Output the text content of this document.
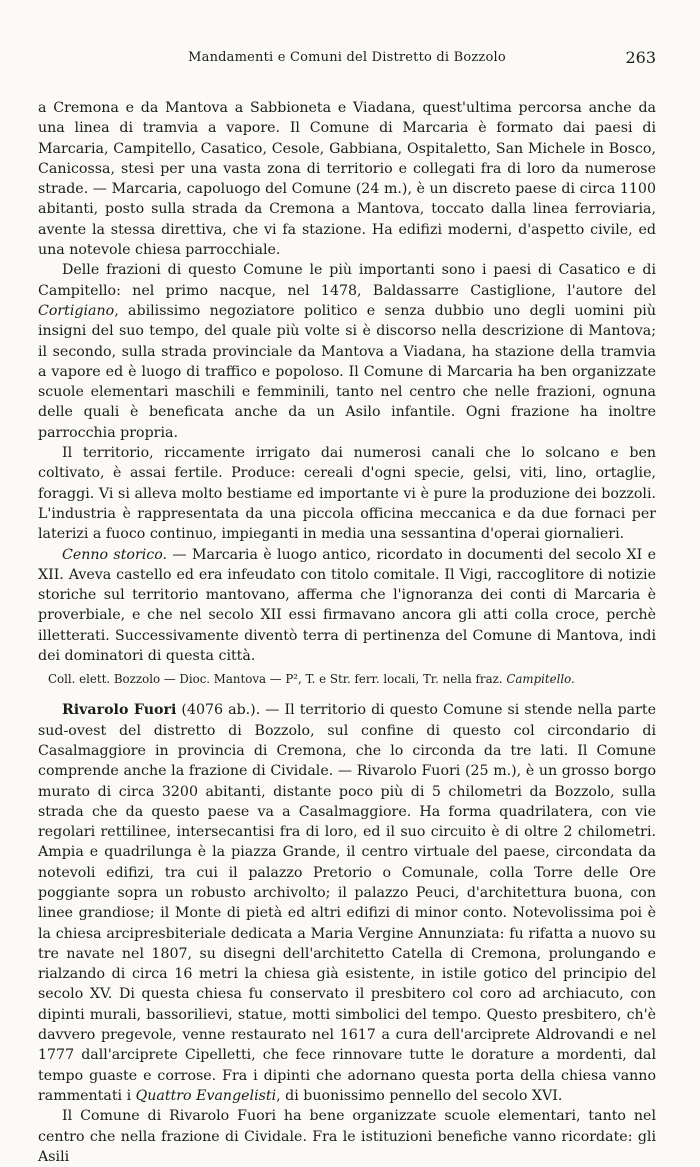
Mandamenti e Comuni del Distretto di Bozzolo	263

a Cremona e da Mantova a Sabbioneta e Viadana, quest'ultima percorsa anche da una linea di tramvia a vapore. Il Comune di Marcaria è formato dai paesi di Marcaria, Campitello, Casatico, Cesole, Gabbiana, Ospitaletto, San Michele in Bosco, Canicossa, stesi per una vasta zona di territorio e collegati fra di loro da numerose strade. — Marcaria, capoluogo del Comune (24 m.), è un discreto paese di circa 1100 abitanti, posto sulla strada da Cremona a Mantova, toccato dalla linea ferroviaria, avente la stessa direttiva, che vi fa stazione. Ha edifizi moderni, d'aspetto civile, ed una notevole chiesa parrocchiale.

Delle frazioni di questo Comune le più importanti sono i paesi di Casatico e di Campitello: nel primo nacque, nel 1478, Baldassarre Castiglione, l'autore del Cortigiano, abilissimo negoziatore politico e senza dubbio uno degli uomini più insigni del suo tempo, del quale più volte si è discorso nella descrizione di Mantova; il secondo, sulla strada provinciale da Mantova a Viadana, ha stazione della tramvia a vapore ed è luogo di traffico e popoloso. Il Comune di Marcaria ha ben organizzate scuole elementari maschili e femminili, tanto nel centro che nelle frazioni, ognuna delle quali è beneficata anche da un Asilo infantile. Ogni frazione ha inoltre parrocchia propria.

Il territorio, riccamente irrigato dai numerosi canali che lo solcano e ben coltivato, è assai fertile. Produce: cereali d'ogni specie, gelsi, viti, lino, ortaglie, foraggi. Vi si alleva molto bestiame ed importante vi è pure la produzione dei bozzoli. L'industria è rappresentata da una piccola officina meccanica e da due fornaci per laterizi a fuoco continuo, impieganti in media una sessantina d'operai giornalieri.

Cenno storico. — Marcaria è luogo antico, ricordato in documenti del secolo XI e XII. Aveva castello ed era infeudato con titolo comitale. Il Vigi, raccoglitore di notizie storiche sul territorio mantovano, afferma che l'ignoranza dei conti di Marcaria è proverbiale, e che nel secolo XII essi firmavano ancora gli atti colla croce, perchè illetterati. Successivamente diventò terra di pertinenza del Comune di Mantova, indi dei dominatori di questa città.

Coll. elett. Bozzolo — Dioc. Mantova — P², T. e Str. ferr. locali, Tr. nella fraz. Campitello.

Rivarolo Fuori (4076 ab.). — Il territorio di questo Comune si stende nella parte sud-ovest del distretto di Bozzolo, sul confine di questo col circondario di Casalmaggiore in provincia di Cremona, che lo circonda da tre lati. Il Comune comprende anche la frazione di Cividale. — Rivarolo Fuori (25 m.), è un grosso borgo murato di circa 3200 abitanti, distante poco più di 5 chilometri da Bozzolo, sulla strada che da questo paese va a Casalmaggiore. Ha forma quadrilatera, con vie regolari rettilinee, intersecantisi fra di loro, ed il suo circuito è di oltre 2 chilometri. Ampia e quadrilunga è la piazza Grande, il centro virtuale del paese, circondata da notevoli edifizi, tra cui il palazzo Pretorio o Comunale, colla Torre delle Ore poggiante sopra un robusto archivolto; il palazzo Peuci, d'architettura buona, con linee grandiose; il Monte di pietà ed altri edifizi di minor conto. Notevolissima poi è la chiesa arcipresbiteriale dedicata a Maria Vergine Annunziata: fu rifatta a nuovo su tre navate nel 1807, su disegni dell'architetto Catella di Cremona, prolungando e rialzando di circa 16 metri la chiesa già esistente, in istile gotico del principio del secolo XV. Di questa chiesa fu conservato il presbitero col coro ad archiacuto, con dipinti murali, bassorilievi, statue, motti simbolici del tempo. Questo presbitero, ch'è davvero pregevole, venne restaurato nel 1617 a cura dell'arciprete Aldrovandi e nel 1777 dall'arciprete Cipelletti, che fece rinnovare tutte le dorature a mordenti, dal tempo guaste e corrose. Fra i dipinti che adornano questa porta della chiesa vanno rammentati i Quattro Evangelisti, di buonissimo pennello del secolo XVI.

Il Comune di Rivarolo Fuori ha bene organizzate scuole elementari, tanto nel centro che nella frazione di Cividale. Fra le istituzioni benefiche vanno ricordate: gli Asili
